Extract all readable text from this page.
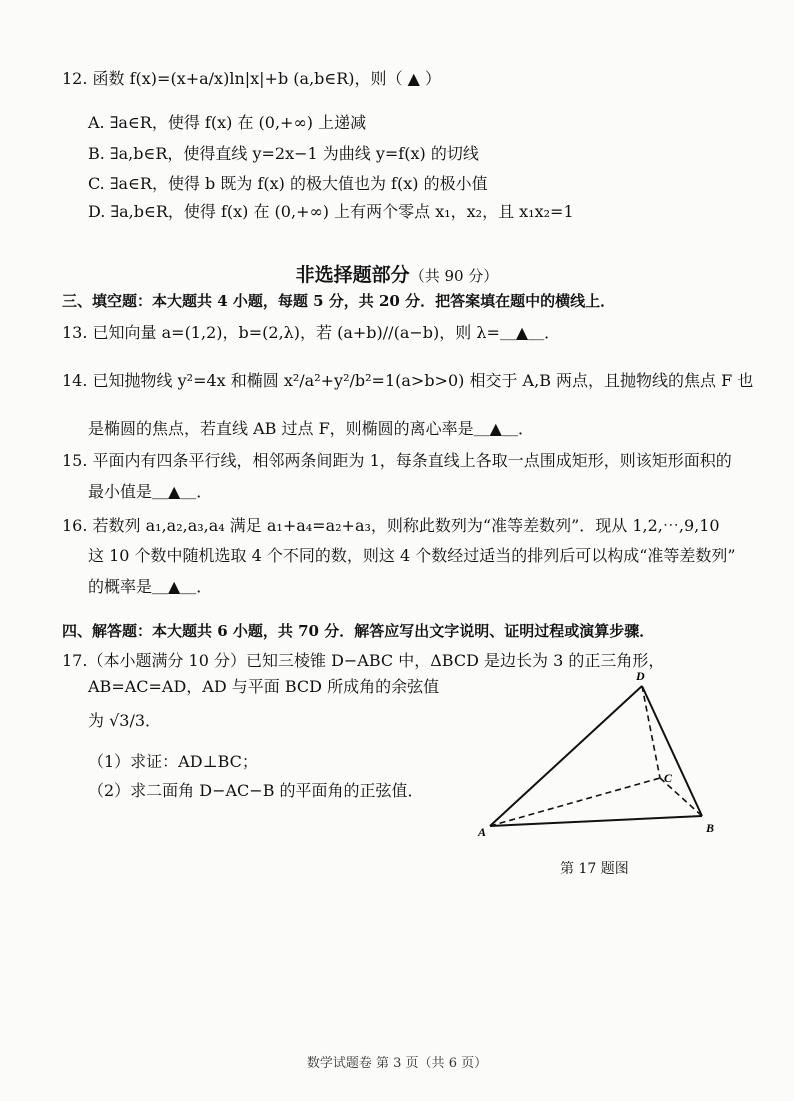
12. 函数 f(x)=(x+a/x)ln|x|+b (a,b∈R)，则（ ▲ ）
A. ∃a∈R，使得 f(x) 在 (0,+∞) 上递减
B. ∃a,b∈R，使得直线 y=2x−1 为曲线 y=f(x) 的切线
C. ∃a∈R，使得 b 既为 f(x) 的极大值也为 f(x) 的极小值
D. ∃a,b∈R，使得 f(x) 在 (0,+∞) 上有两个零点 x₁，x₂，且 x₁x₂=1
非选择题部分（共 90 分）
三、填空题：本大题共 4 小题，每题 5 分，共 20 分．把答案填在题中的横线上．
13. 已知向量 a=(1,2)，b=(2,λ)，若 (a+b)//(a−b)，则 λ=＿▲＿．
14. 已知抛物线 y²=4x 和椭圆 x²/a²+y²/b²=1(a>b>0) 相交于 A,B 两点，且抛物线的焦点 F 也
是椭圆的焦点，若直线 AB 过点 F，则椭圆的离心率是＿▲＿．
15. 平面内有四条平行线，相邻两条间距为 1，每条直线上各取一点围成矩形，则该矩形面积的
最小值是＿▲＿．
16. 若数列 a₁,a₂,a₃,a₄ 满足 a₁+a₄=a₂+a₃，则称此数列为“准等差数列”．现从 1,2,⋯,9,10
这 10 个数中随机选取 4 个不同的数，则这 4 个数经过适当的排列后可以构成“准等差数列”
的概率是＿▲＿．
四、解答题：本大题共 6 小题，共 70 分．解答应写出文字说明、证明过程或演算步骤．
17.（本小题满分 10 分）已知三棱锥 D−ABC 中，ΔBCD 是边长为 3 的正三角形，
AB=AC=AD，AD 与平面 BCD 所成角的余弦值
为 √3/3．
（1）求证：AD⊥BC；
（2）求二面角 D−AC−B 的平面角的正弦值．
D
A	B
C
第 17 题图
数学试题卷 第 3 页（共 6 页）
